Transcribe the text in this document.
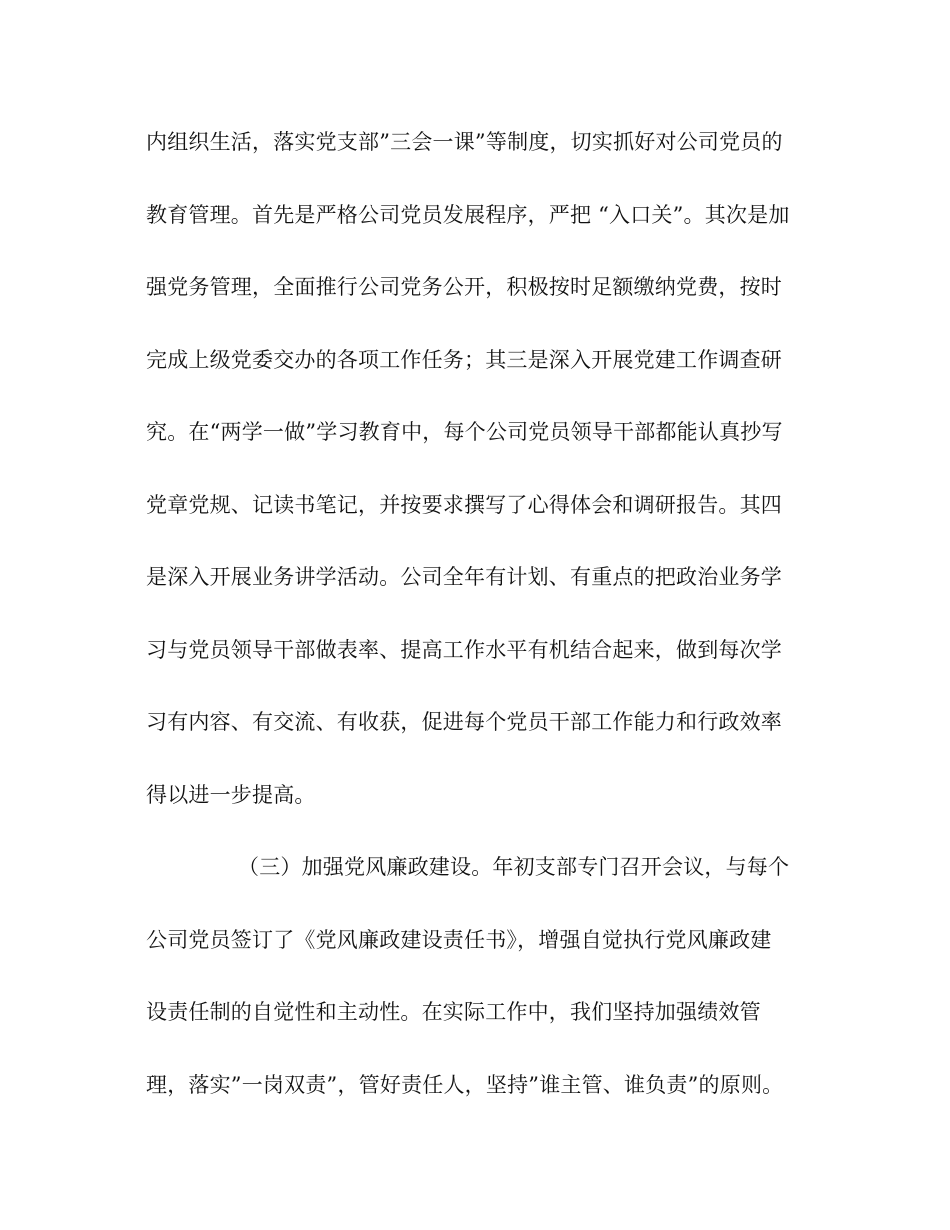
内组织生活，落实党支部”三会一课”等制度，切实抓好对公司党员的
教育管理。首先是严格公司党员发展程序，严把 “入口关”。其次是加
强党务管理，全面推行公司党务公开，积极按时足额缴纳党费，按时
完成上级党委交办的各项工作任务；其三是深入开展党建工作调查研
究。在“两学一做”学习教育中，每个公司党员领导干部都能认真抄写
党章党规、记读书笔记，并按要求撰写了心得体会和调研报告。其四
是深入开展业务讲学活动。公司全年有计划、有重点的把政治业务学
习与党员领导干部做表率、提高工作水平有机结合起来，做到每次学
习有内容、有交流、有收获，促进每个党员干部工作能力和行政效率
得以进一步提高。
（三）加强党风廉政建设。年初支部专门召开会议，与每个
公司党员签订了《党风廉政建设责任书》，增强自觉执行党风廉政建
设责任制的自觉性和主动性。在实际工作中，我们坚持加强绩效管
理，落实”一岗双责”，管好责任人，坚持”谁主管、谁负责”的原则。
